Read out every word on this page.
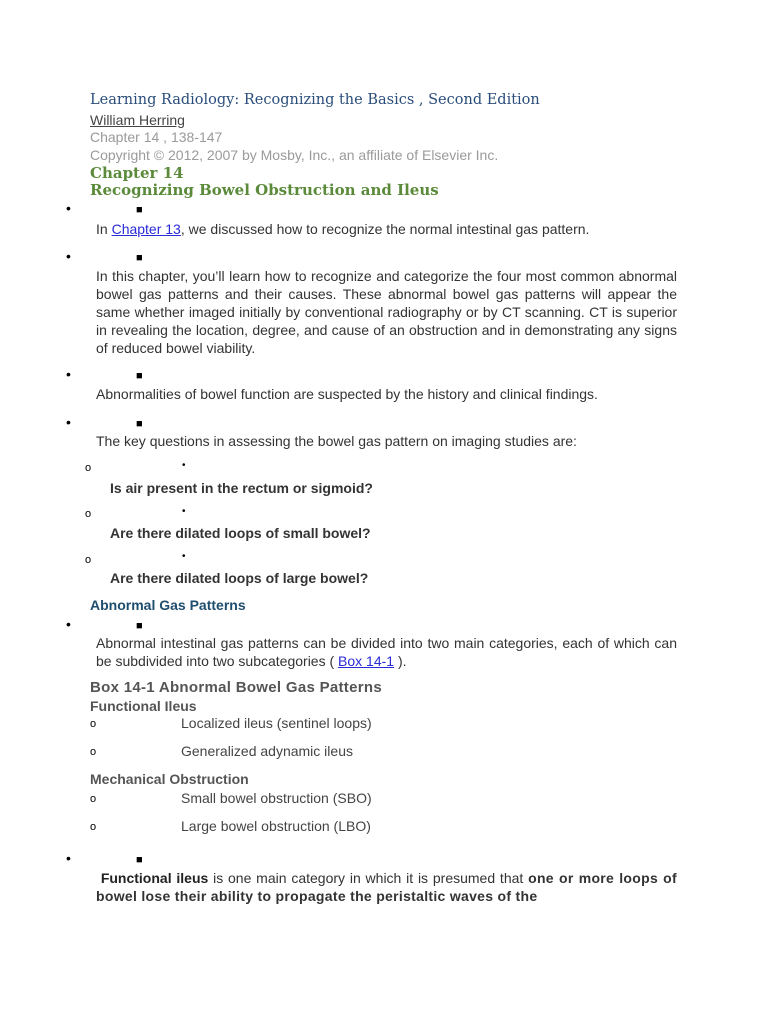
Learning Radiology: Recognizing the Basics , Second Edition
William Herring
Chapter 14 , 138-147
Copyright © 2012, 2007 by Mosby, Inc., an affiliate of Elsevier Inc.
Chapter 14
Recognizing Bowel Obstruction and Ileus
•	■
In Chapter 13, we discussed how to recognize the normal intestinal gas pattern.
•	■
In this chapter, you’ll learn how to recognize and categorize the four most common abnormal bowel gas patterns and their causes. These abnormal bowel gas patterns will appear the same whether imaged initially by conventional radiography or by CT scanning. CT is superior in revealing the location, degree, and cause of an obstruction and in demonstrating any signs of reduced bowel viability.
•	■
Abnormalities of bowel function are suspected by the history and clinical findings.
•	■
The key questions in assessing the bowel gas pattern on imaging studies are:
o	•
Is air present in the rectum or sigmoid?
o	•
Are there dilated loops of small bowel?
o	•
Are there dilated loops of large bowel?
Abnormal Gas Patterns
•	■
Abnormal intestinal gas patterns can be divided into two main categories, each of which can be subdivided into two subcategories ( Box 14-1 ).
Box 14-1 Abnormal Bowel Gas Patterns
Functional Ileus
o	Localized ileus (sentinel loops)
o	Generalized adynamic ileus
Mechanical Obstruction
o	Small bowel obstruction (SBO)
o	Large bowel obstruction (LBO)
•	■
Functional ileus is one main category in which it is presumed that one or more loops of bowel lose their ability to propagate the peristaltic waves of the
